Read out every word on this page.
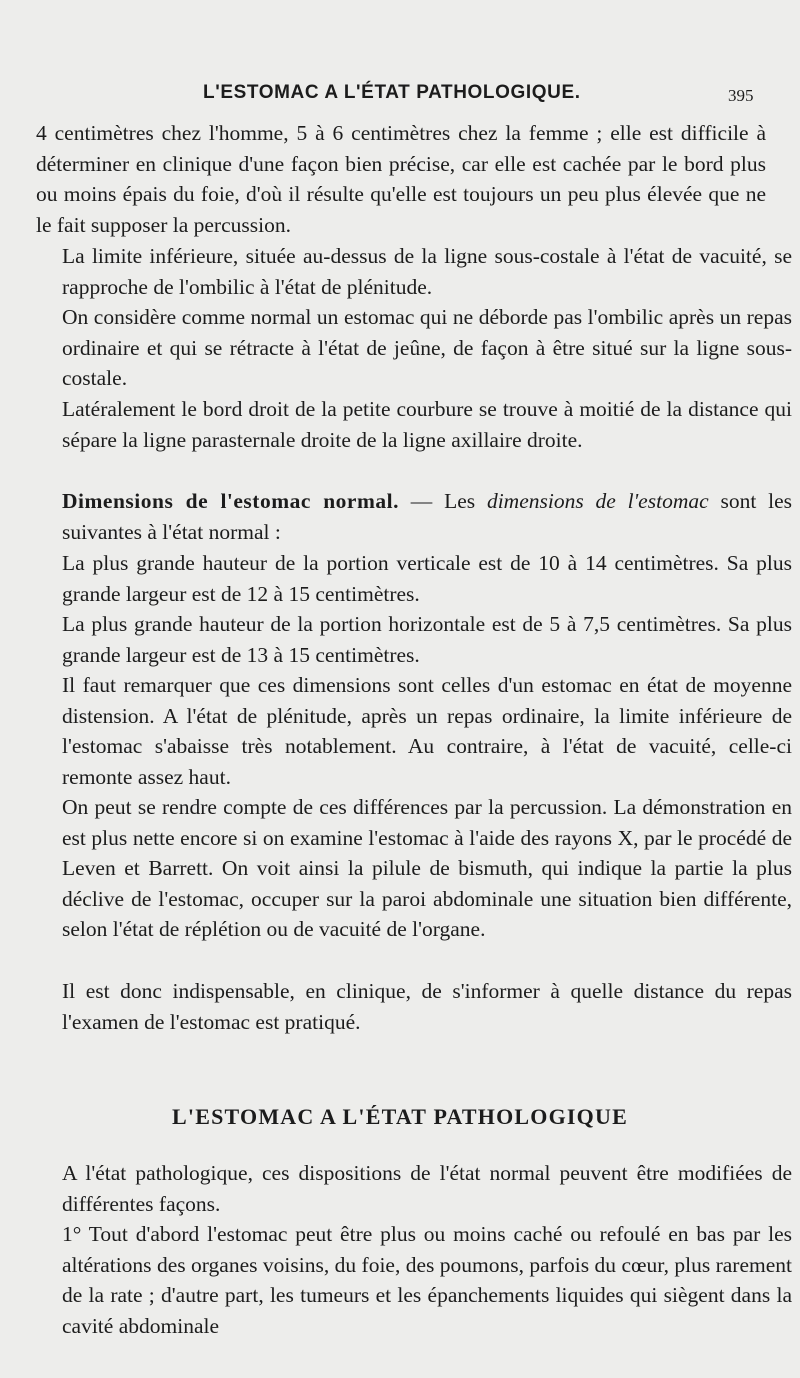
L'ESTOMAC A L'ÉTAT PATHOLOGIQUE.	395

4 centimètres chez l'homme, 5 à 6 centimètres chez la femme ; elle est difficile à déterminer en clinique d'une façon bien précise, car elle est cachée par le bord plus ou moins épais du foie, d'où il résulte qu'elle est toujours un peu plus élevée que ne le fait supposer la percussion.

La limite inférieure, située au-dessus de la ligne sous-costale à l'état de vacuité, se rapproche de l'ombilic à l'état de plénitude.

On considère comme normal un estomac qui ne déborde pas l'ombilic après un repas ordinaire et qui se rétracte à l'état de jeûne, de façon à être situé sur la ligne sous-costale.

Latéralement le bord droit de la petite courbure se trouve à moitié de la distance qui sépare la ligne parasternale droite de la ligne axillaire droite.

Dimensions de l'estomac normal. — Les dimensions de l'estomac sont les suivantes à l'état normal :

La plus grande hauteur de la portion verticale est de 10 à 14 centimètres. Sa plus grande largeur est de 12 à 15 centimètres.

La plus grande hauteur de la portion horizontale est de 5 à 7,5 centimètres. Sa plus grande largeur est de 13 à 15 centimètres.

Il faut remarquer que ces dimensions sont celles d'un estomac en état de moyenne distension. A l'état de plénitude, après un repas ordinaire, la limite inférieure de l'estomac s'abaisse très notablement. Au contraire, à l'état de vacuité, celle-ci remonte assez haut.

On peut se rendre compte de ces différences par la percussion. La démonstration en est plus nette encore si on examine l'estomac à l'aide des rayons X, par le procédé de Leven et Barrett. On voit ainsi la pilule de bismuth, qui indique la partie la plus déclive de l'estomac, occuper sur la paroi abdominale une situation bien différente, selon l'état de réplétion ou de vacuité de l'organe.

Il est donc indispensable, en clinique, de s'informer à quelle distance du repas l'examen de l'estomac est pratiqué.

L'ESTOMAC A L'ÉTAT PATHOLOGIQUE

A l'état pathologique, ces dispositions de l'état normal peuvent être modifiées de différentes façons.

1° Tout d'abord l'estomac peut être plus ou moins caché ou refoulé en bas par les altérations des organes voisins, du foie, des poumons, parfois du cœur, plus rarement de la rate ; d'autre part, les tumeurs et les épanchements liquides qui siègent dans la cavité abdominale
